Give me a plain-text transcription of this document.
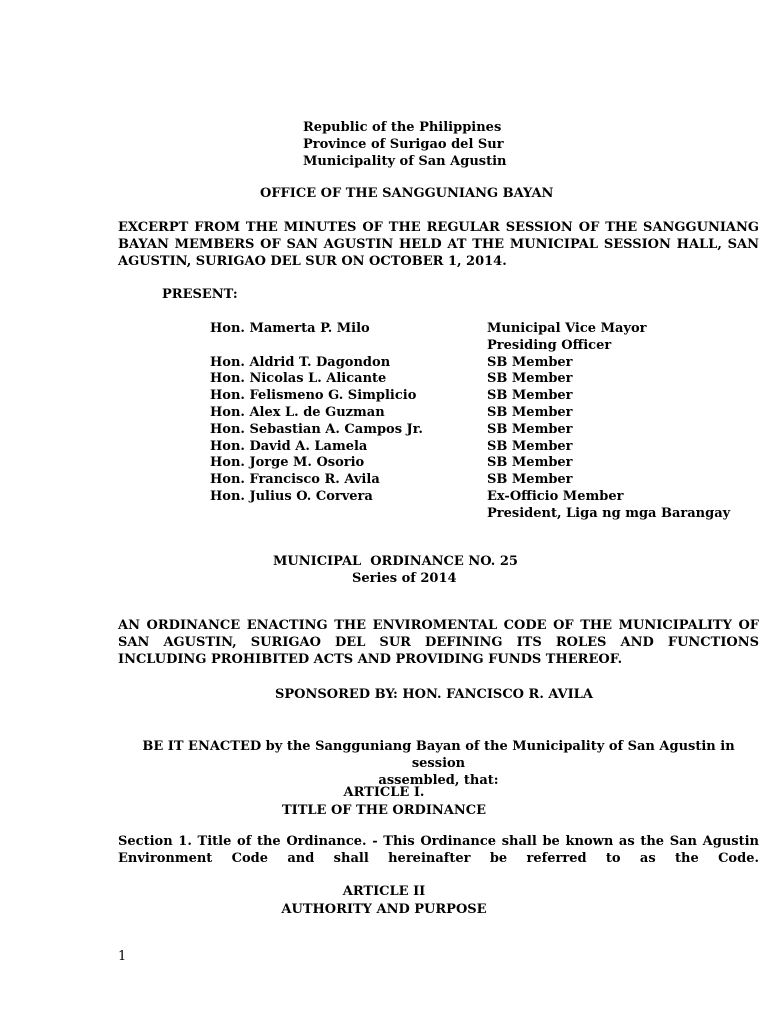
Republic of the Philippines
Province of Surigao del Sur
Municipality of San Agustin
OFFICE OF THE SANGGUNIANG BAYAN
EXCERPT FROM THE MINUTES OF THE REGULAR SESSION OF THE SANGGUNIANG
BAYAN MEMBERS OF SAN AGUSTIN HELD AT THE MUNICIPAL SESSION HALL, SAN
AGUSTIN, SURIGAO DEL SUR ON OCTOBER 1, 2014.
PRESENT:
Hon. Mamerta P. Milo	Municipal Vice Mayor
Presiding Officer
Hon. Aldrid T. Dagondon	SB Member
Hon. Nicolas L. Alicante	SB Member
Hon. Felismeno G. Simplicio	SB Member
Hon. Alex L. de Guzman	SB Member
Hon. Sebastian A. Campos Jr.	SB Member
Hon. David A. Lamela	SB Member
Hon. Jorge M. Osorio	SB Member
Hon. Francisco R. Avila	SB Member
Hon. Julius O. Corvera	Ex-Officio Member
President, Liga ng mga Barangay
MUNICIPAL  ORDINANCE NO. 25
Series of 2014
AN ORDINANCE ENACTING THE ENVIROMENTAL CODE OF THE MUNICIPALITY OF
SAN AGUSTIN, SURIGAO DEL SUR DEFINING ITS ROLES AND FUNCTIONS
INCLUDING PROHIBITED ACTS AND PROVIDING FUNDS THEREOF.
SPONSORED BY: HON. FANCISCO R. AVILA
BE IT ENACTED by the Sangguniang Bayan of the Municipality of San Agustin in session
assembled, that:
ARTICLE I.
TITLE OF THE ORDINANCE
Section 1. Title of the Ordinance. - This Ordinance shall be known as the San Agustin
Environment Code and shall hereinafter be referred to as the Code.
ARTICLE II
AUTHORITY AND PURPOSE
1
